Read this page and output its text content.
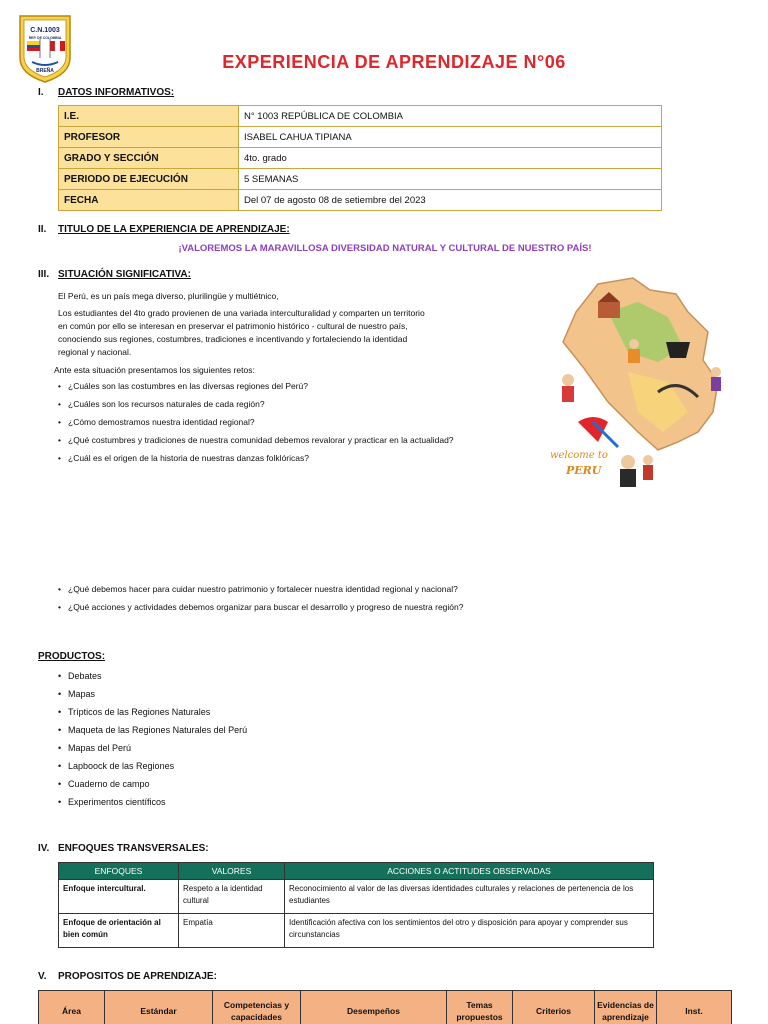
C.N.1003
REP. DE COLOMBIA
BREÑA	EXPERIENCIA DE APRENDIZAJE N°06
I. DATOS INFORMATIVOS:
I.E.	N° 1003 REPÚBLICA DE COLOMBIA
PROFESOR	ISABEL CAHUA TIPIANA
GRADO Y SECCIÓN	4to. grado
PERIODO DE EJECUCIÓN	5 SEMANAS
FECHA	Del 07 de agosto 08 de setiembre del 2023
II. TITULO DE LA EXPERIENCIA DE APRENDIZAJE:
¡VALOREMOS LA MARAVILLOSA DIVERSIDAD NATURAL Y CULTURAL DE NUESTRO PAÍS!
III. SITUACIÓN SIGNIFICATIVA:
El Perú, es un país mega diverso, plurilingüe y multiétnico,
Los estudiantes del 4to grado provienen de una variada interculturalidad y comparten un territorio
en común por ello se interesan en preservar el patrimonio histórico - cultural de nuestro país,
conociendo sus regiones, costumbres, tradiciones e incentivando y fortaleciendo la identidad
regional y nacional.
Ante esta situación presentamos los siguientes retos:
• ¿Cuáles son las costumbres en las diversas regiones del Perú?
• ¿Cuáles son los recursos naturales de cada región?
• ¿Cómo demostramos nuestra identidad regional?
• ¿Qué costumbres y tradiciones de nuestra comunidad debemos revalorar y practicar en la actualidad?
• ¿Cuál es el origen de la historia de nuestras danzas folklóricas?
• ¿Qué debemos hacer para cuidar nuestro patrimonio y fortalecer nuestra identidad regional y nacional?
• ¿Qué acciones y actividades debemos organizar para buscar el desarrollo y progreso de nuestra región?
welcome to
PERU
PRODUCTOS:
• Debates
• Mapas
• Trípticos de las Regiones Naturales
• Maqueta de las Regiones Naturales del Perú
• Mapas del Perú
• Lapboock de las Regiones
• Cuaderno de campo
• Experimentos científicos
IV. ENFOQUES TRANSVERSALES:
ENFOQUES	VALORES	ACCIONES O ACTITUDES OBSERVADAS
Enfoque intercultural.	Respeto a la identidad cultural	Reconocimiento al valor de las diversas identidades culturales y relaciones de pertenencia de los estudiantes
Enfoque de orientación al bien común	Empatía	Identificación afectiva con los sentimientos del otro y disposición para apoyar y comprender sus circunstancias
V. PROPOSITOS DE APRENDIZAJE:
Área	Estándar	Competencias y capacidades	Desempeños	Temas propuestos	Criterios	Evidencias de aprendizaje	Inst.
